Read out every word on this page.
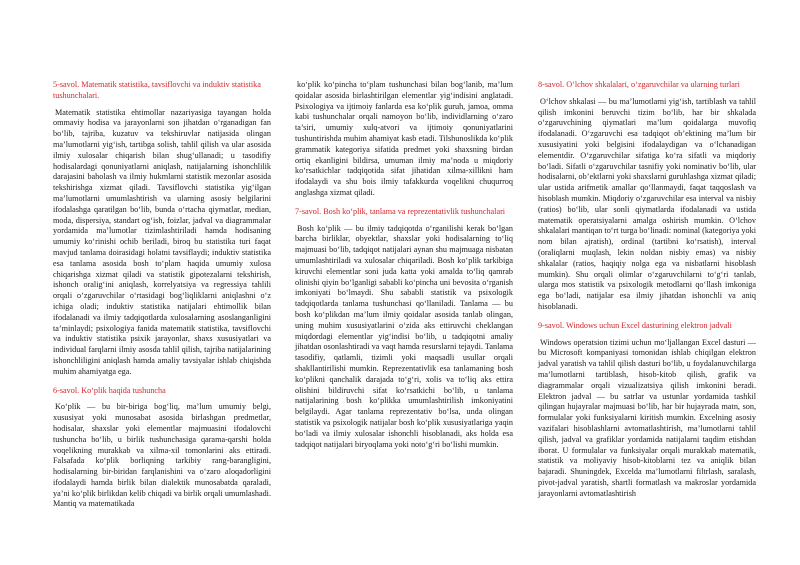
5-savol. Matematik statistika, tavsiflovchi va induktiv statistika tushunchalari.
Matematik statistika ehtimollar nazariyasiga tayangan holda ommaviy hodisa va jarayonlarni son jihatdan o‘rganadigan fan bo‘lib, tajriba, kuzatuv va tekshiruvlar natijasida olingan ma’lumotlarni yig‘ish, tartibga solish, tahlil qilish va ular asosida ilmiy xulosalar chiqarish bilan shug‘ullanadi; u tasodifiy hodisalardagi qonuniyatlarni aniqlash, natijalarning ishonchlilik darajasini baholash va ilmiy hukmlarni statistik mezonlar asosida tekshirishga xizmat qiladi. Tavsiflovchi statistika yig‘ilgan ma’lumotlarni umumlashtirish va ularning asosiy belgilarini ifodalashga qaratilgan bo‘lib, bunda o‘rtacha qiymatlar, median, moda, dispersiya, standart og‘ish, foizlar, jadval va diagrammalar yordamida ma’lumotlar tizimlashtiriladi hamda hodisaning umumiy ko‘rinishi ochib beriladi, biroq bu statistika turi faqat mavjud tanlama doirasidagi holatni tavsiflaydi; induktiv statistika esa tanlama asosida bosh to‘plam haqida umumiy xulosa chiqarishga xizmat qiladi va statistik gipotezalarni tekshirish, ishonch oralig‘ini aniqlash, korrelyatsiya va regressiya tahlili orqali o‘zgaruvchilar o‘rtasidagi bog‘liqliklarni aniqlashni o‘z ichiga oladi; induktiv statistika natijalari ehtimollik bilan ifodalanadi va ilmiy tadqiqotlarda xulosalarning asoslanganligini ta’minlaydi; psixologiya fanida matematik statistika, tavsiflovchi va induktiv statistika psixik jarayonlar, shaxs xususiyatlari va individual farqlarni ilmiy asosda tahlil qilish, tajriba natijalarining ishonchliligini aniqlash hamda amaliy tavsiyalar ishlab chiqishda muhim ahamiyatga ega.
6-savol. Ko‘plik haqida tushuncha
Ko‘plik — bu bir-biriga bog‘liq, ma’lum umumiy belgi, xususiyat yoki munosabat asosida birlashgan predmetlar, hodisalar, shaxslar yoki elementlar majmuasini ifodalovchi tushuncha bo‘lib, u birlik tushunchasiga qarama-qarshi holda voqelikning murakkab va xilma-xil tomonlarini aks ettiradi. Falsafada ko‘plik borliqning tarkibiy rang-barangligini, hodisalarning bir-biridan farqlanishini va o‘zaro aloqadorligini ifodalaydi hamda birlik bilan dialektik munosabatda qaraladi, ya’ni ko‘plik birlikdan kelib chiqadi va birlik orqali umumlashadi. Mantiq va matematikada
ko‘plik ko‘pincha to‘plam tushunchasi bilan bog‘lanib, ma’lum qoidalar asosida birlashtirilgan elementlar yig‘indisini anglatadi. Psixologiya va ijtimoiy fanlarda esa ko‘plik guruh, jamoa, omma kabi tushunchalar orqali namoyon bo‘lib, individlarning o‘zaro ta’siri, umumiy xulq-atvori va ijtimoiy qonuniyatlarini tushuntirishda muhim ahamiyat kasb etadi. Tilshunoslikda ko‘plik grammatik kategoriya sifatida predmet yoki shaxsning birdan ortiq ekanligini bildirsa, umuman ilmiy ma’noda u miqdoriy ko‘rsatkichlar tadqiqotida sifat jihatidan xilma-xillikni ham ifodalaydi va shu bois ilmiy tafakkurda voqelikni chuqurroq anglashga xizmat qiladi.
7-savol. Bosh ko‘plik, tanlama va reprezentativlik tushunchalari
Bosh ko‘plik — bu ilmiy tadqiqotda o‘rganilishi kerak bo‘lgan barcha birliklar, obyektlar, shaxslar yoki hodisalarning to‘liq majmuasi bo‘lib, tadqiqot natijalari aynan shu majmuaga nisbatan umumlashtiriladi va xulosalar chiqariladi. Bosh ko‘plik tarkibiga kiruvchi elementlar soni juda katta yoki amalda to‘liq qamrab olinishi qiyin bo‘lganligi sababli ko‘pincha uni bevosita o‘rganish imkoniyati bo‘lmaydi. Shu sababli statistik va psixologik tadqiqotlarda tanlama tushunchasi qo‘llaniladi. Tanlama — bu bosh ko‘plikdan ma’lum ilmiy qoidalar asosida tanlab olingan, uning muhim xususiyatlarini o‘zida aks ettiruvchi cheklangan miqdordagi elementlar yig‘indisi bo‘lib, u tadqiqotni amaliy jihatdan osonlashtiradi va vaqt hamda resurslarni tejaydi. Tanlama tasodifiy, qatlamli, tizimli yoki maqsadli usullar orqali shakllantirilishi mumkin. Reprezentativlik esa tanlamaning bosh ko‘plikni qanchalik darajada to‘g‘ri, xolis va to‘liq aks ettira olishini bildiruvchi sifat ko‘rsatkichi bo‘lib, u tanlama natijalarining bosh ko‘plikka umumlashtirilish imkoniyatini belgilaydi. Agar tanlama reprezentativ bo‘lsa, unda olingan statistik va psixologik natijalar bosh ko‘plik xususiyatlariga yaqin bo‘ladi va ilmiy xulosalar ishonchli hisoblanadi, aks holda esa tadqiqot natijalari biryoqlama yoki noto‘g‘ri bo‘lishi mumkin.
8-savol. O‘lchov shkalalari, o‘zgaruvchilar va ularning turlari
O‘lchov shkalasi — bu ma’lumotlarni yig‘ish, tartiblash va tahlil qilish imkonini beruvchi tizim bo‘lib, har bir shkalada o‘zgaruvchining qiymatlari ma’lum qoidalarga muvofiq ifodalanadi. O‘zgaruvchi esa tadqiqot ob’ektining ma’lum bir xususiyatini yoki belgisini ifodalaydigan va o‘lchanadigan elementdir. O‘zgaruvchilar sifatiga ko‘ra sifatli va miqdoriy bo‘ladi. Sifatli o‘zgaruvchilar tasnifiy yoki nominativ bo‘lib, ular hodisalarni, ob’ektlarni yoki shaxslarni guruhlashga xizmat qiladi; ular ustida arifmetik amallar qo‘llanmaydi, faqat taqqoslash va hisoblash mumkin. Miqdoriy o‘zgaruvchilar esa interval va nisbiy (ratios) bo‘lib, ular sonli qiymatlarda ifodalanadi va ustida matematik operatsiyalarni amalga oshirish mumkin. O‘lchov shkalalari mantiqan to‘rt turga bo‘linadi: nominal (kategoriya yoki nom bilan ajratish), ordinal (tartibni ko‘rsatish), interval (oraliqlarni muqlash, lekin noldan nisbiy emas) va nisbiy shkalalar (ratios, haqiqiy nolga ega va nisbatlarni hisoblash mumkin). Shu orqali olimlar o‘zgaruvchilarni to‘g‘ri tanlab, ularga mos statistik va psixologik metodlarni qo‘llash imkoniga ega bo‘ladi, natijalar esa ilmiy jihatdan ishonchli va aniq hisoblanadi.
9-savol. Windows uchun Excel dasturining elektron jadvali
Windows operatsion tizimi uchun mo‘ljallangan Excel dasturi — bu Microsoft kompaniyasi tomonidan ishlab chiqilgan elektron jadval yaratish va tahlil qilish dasturi bo‘lib, u foydalanuvchilarga ma’lumotlarni tartiblash, hisob-kitob qilish, grafik va diagrammalar orqali vizualizatsiya qilish imkonini beradi. Elektron jadval — bu satrlar va ustunlar yordamida tashkil qilingan hujayralar majmuasi bo‘lib, har bir hujayrada matn, son, formulalar yoki funksiyalarni kiritish mumkin. Excelning asosiy vazifalari hisoblashlarni avtomatlashtirish, ma’lumotlarni tahlil qilish, jadval va grafiklar yordamida natijalarni taqdim etishdan iborat. U formulalar va funksiyalar orqali murakkab matematik, statistik va moliyaviy hisob-kitoblarni tez va aniqlik bilan bajaradi. Shuningdek, Excelda ma’lumotlarni filtrlash, saralash, pivot-jadval yaratish, shartli formatlash va makroslar yordamida jarayonlarni avtomatlashtirish
